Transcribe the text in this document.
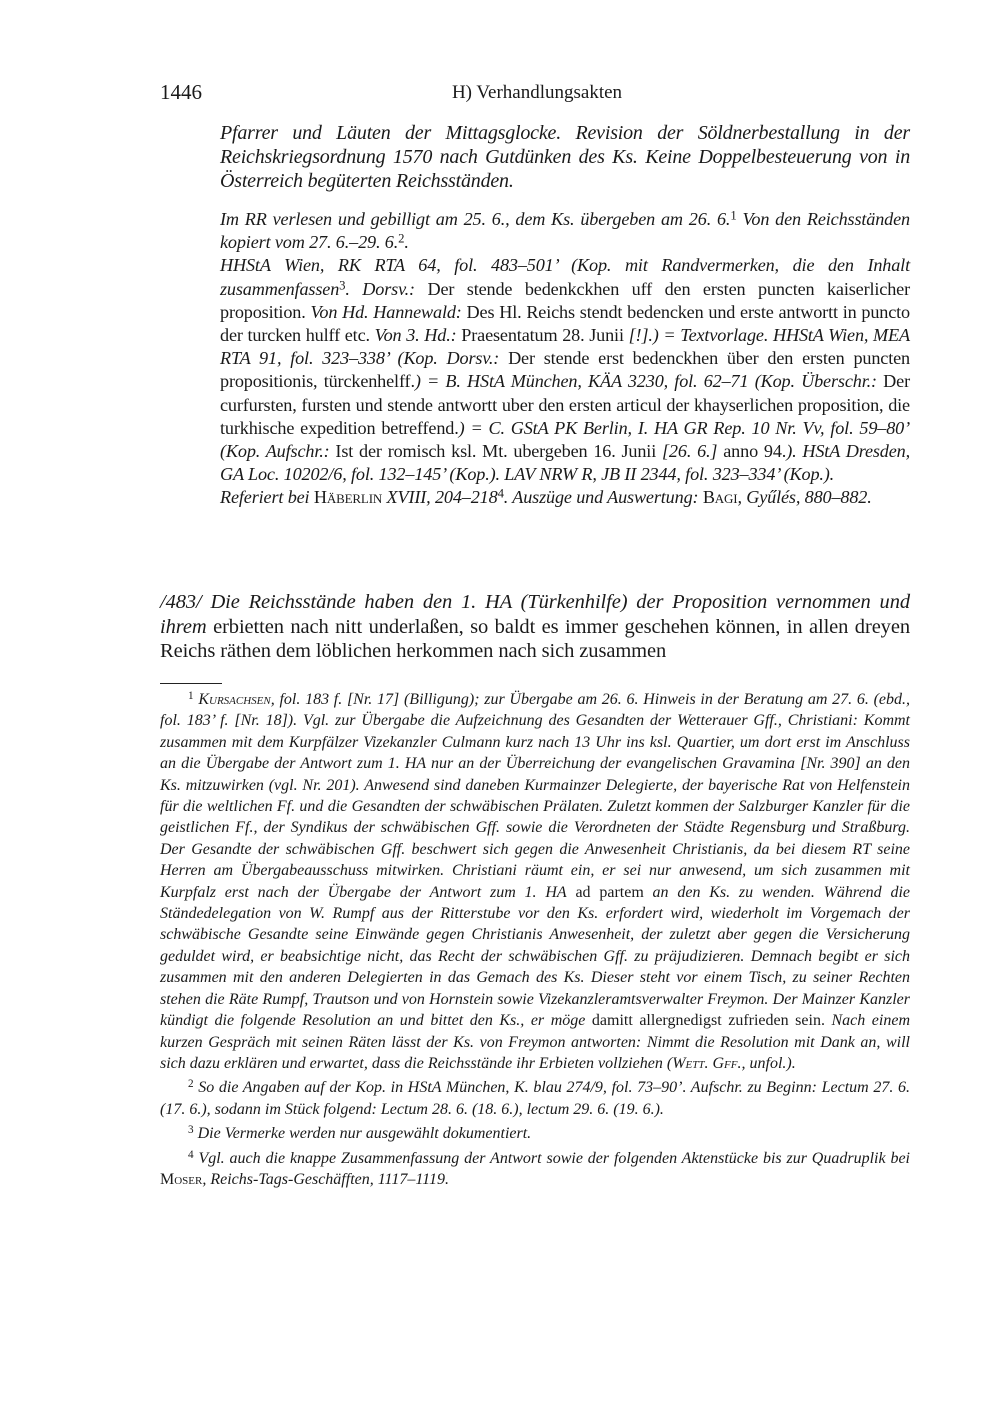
1446	H) Verhandlungsakten
Pfarrer und Läuten der Mittagsglocke. Revision der Söldnerbestallung in der Reichskriegsordnung 1570 nach Gutdünken des Ks. Keine Doppelbesteuerung von in Österreich begüterten Reichsständen.

Im RR verlesen und gebilligt am 25. 6., dem Ks. übergeben am 26. 6.$^1$ Von den Reichsständen kopiert vom 27. 6.–29. 6.$^2$.

HHStA Wien, RK RTA 64, fol. 483–501’ (Kop. mit Randvermerken, die den Inhalt zusammenfassen$^3$. Dorsv.: Der stende bedenkckhen uff den ersten puncten kaiserlicher proposition. Von Hd. Hannewald: Des Hl. Reichs stendt bedencken und erste antwortt in puncto der turcken hulff etc. Von 3. Hd.: Praesentatum 28. Junii [!].) = Textvorlage. HHStA Wien, MEA RTA 91, fol. 323–338’ (Kop. Dorsv.: Der stende erst bedenckhen über den ersten puncten propositionis, türckenhelff.) = B. HStA München, KÄA 3230, fol. 62–71 (Kop. Überschr.: Der curfursten, fursten und stende antwortt uber den ersten articul der khayserlichen proposition, die turkhische expedition betreffend.) = C. GStA PK Berlin, I. HA GR Rep. 10 Nr. Vv, fol. 59–80’ (Kop. Aufschr.: Ist der romisch ksl. Mt. ubergeben 16. Junii [26. 6.] anno 94.). HStA Dresden, GA Loc. 10202/6, fol. 132–145’ (Kop.). LAV NRW R, JB II 2344, fol. 323–334’ (Kop.).

Referiert bei Häberlin XVIII, $204-218^4$. Auszüge und Auswertung: Bagi, Gyűlés, 880–882.

/483/ Die Reichsstände haben den 1. HA (Türkenhilfe) der Proposition vernommen und ihrem erbietten nach nitt underlaßen, so baldt es immer geschehen können, in allen dreyen Reichs räthen dem löblichen herkommen nach sich zusammen

$^1$ Kursachsen, fol. 183 f. [Nr. 17] (Billigung); zur Übergabe am 26. 6. Hinweis in der Beratung am 27. 6. (ebd., fol. 183’ f. [Nr. 18]). Vgl. zur Übergabe die Aufzeichnung des Gesandten der Wetterauer Gff., Christiani: Kommt zusammen mit dem Kurpfälzer Vizekanzler Culmann kurz nach 13 Uhr ins ksl. Quartier, um dort erst im Anschluss an die Übergabe der Antwort zum 1. HA nur an der Überreichung der evangelischen Gravamina [Nr. 390] an den Ks. mitzuwirken (vgl. Nr. 201). Anwesend sind daneben Kurmainzer Delegierte, der bayerische Rat von Helfenstein für die weltlichen Ff. und die Gesandten der schwäbischen Prälaten. Zuletzt kommen der Salzburger Kanzler für die geistlichen Ff., der Syndikus der schwäbischen Gff. sowie die Verordneten der Städte Regensburg und Straßburg. Der Gesandte der schwäbischen Gff. beschwert sich gegen die Anwesenheit Christianis, da bei diesem RT seine Herren am Übergabeausschuss mitwirken. Christiani räumt ein, er sei nur anwesend, um sich zusammen mit Kurpfalz erst nach der Übergabe der Antwort zum 1. HA ad partem an den Ks. zu wenden. Während die Ständedelegation von W. Rumpf aus der Ritterstube vor den Ks. erfordert wird, wiederholt im Vorgemach der schwäbische Gesandte seine Einwände gegen Christianis Anwesenheit, der zuletzt aber gegen die Versicherung geduldet wird, er beabsichtige nicht, das Recht der schwäbischen Gff. zu präjudizieren. Demnach begibt er sich zusammen mit den anderen Delegierten in das Gemach des Ks. Dieser steht vor einem Tisch, zu seiner Rechten stehen die Räte Rumpf, Trautson und von Hornstein sowie Vizekanzleramtsverwalter Freymon. Der Mainzer Kanzler kündigt die folgende Resolution an und bittet den Ks., er möge damitt allergnedigst zufrieden sein. Nach einem kurzen Gespräch mit seinen Räten lässt der Ks. von Freymon antworten: Nimmt die Resolution mit Dank an, will sich dazu erklären und erwartet, dass die Reichsstände ihr Erbieten vollziehen (Wett. Gff., unfol.).

$^2$ So die Angaben auf der Kop. in HStA München, K. blau 274/9, fol. 73–90’. Aufschr. zu Beginn: Lectum 27. 6. (17. 6.), sodann im Stück folgend: Lectum 28. 6. (18. 6.), lectum 29. 6. (19. 6.).

$^3$ Die Vermerke werden nur ausgewählt dokumentiert.

$^4$ Vgl. auch die knappe Zusammenfassung der Antwort sowie der folgenden Aktenstücke bis zur Quadruplik bei Moser, Reichs-Tags-Geschäfften, 1117–1119.
